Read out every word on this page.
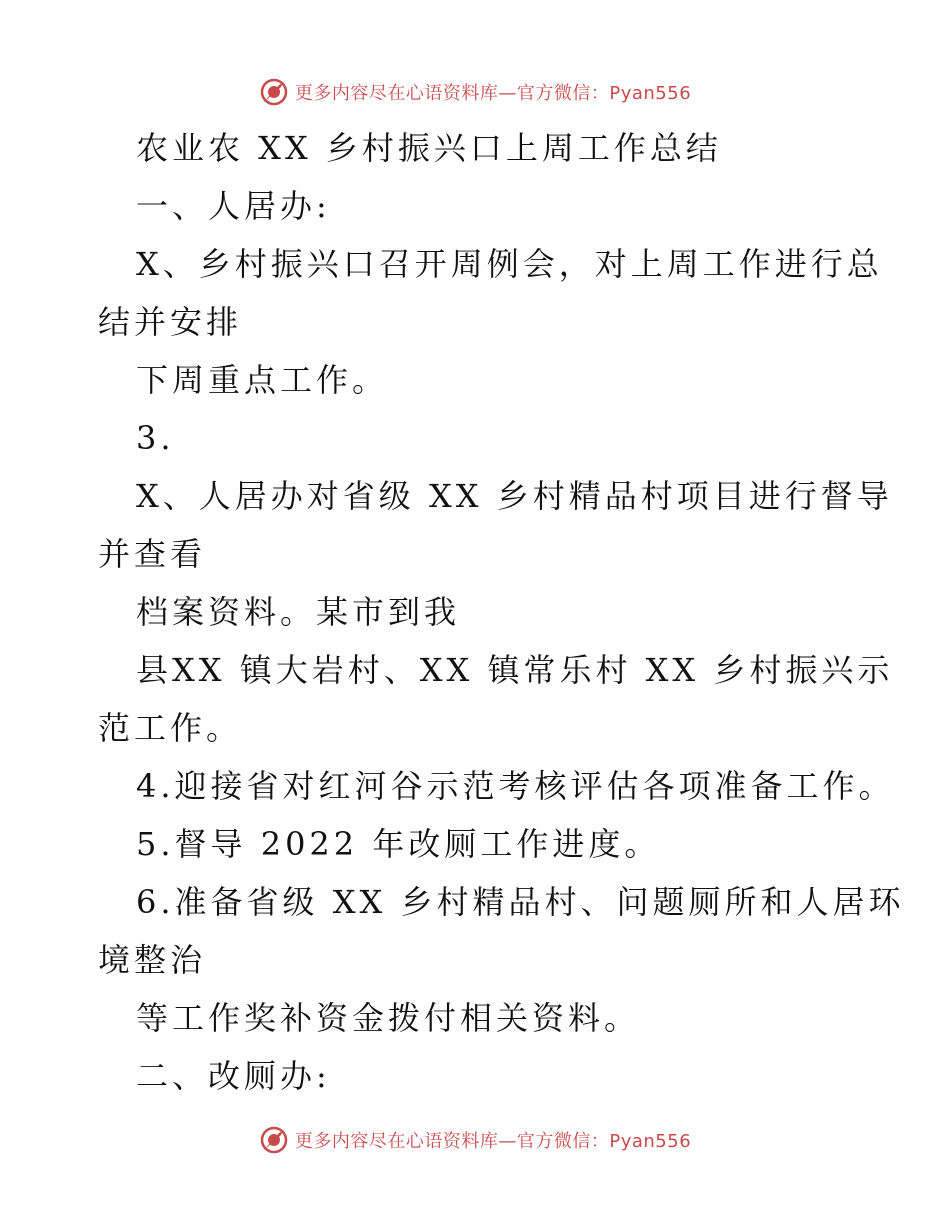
更多内容尽在心语资料库—官方微信：Pyan556
农业农 XX 乡村振兴口上周工作总结
一、人居办:
X、乡村振兴口召开周例会，对上周工作进行总
结并安排
下周重点工作。
3.
X、人居办对省级 XX 乡村精品村项目进行督导
并查看
档案资料。某市到我
县XX 镇大岩村、XX 镇常乐村 XX 乡村振兴示
范工作。
4.迎接省对红河谷示范考核评估各项准备工作。
5.督导 2022 年改厕工作进度。
6.准备省级 XX 乡村精品村、问题厕所和人居环
境整治
等工作奖补资金拨付相关资料。
二、改厕办:
更多内容尽在心语资料库—官方微信：Pyan556
